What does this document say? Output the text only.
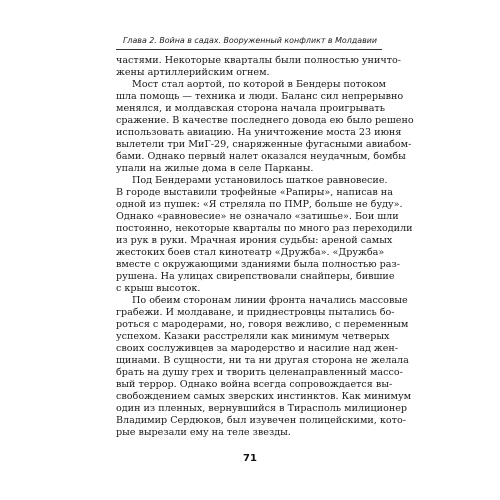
Глава 2. Война в садах. Вооруженный конфликт в Молдавии
частями. Некоторые кварталы были полностью уничто-
жены артиллерийским огнем.
Мост стал аортой, по которой в Бендеры потоком
шла помощь — техника и люди. Баланс сил непрерывно
менялся, и молдавская сторона начала проигрывать
сражение. В качестве последнего довода ею было решено
использовать авиацию. На уничтожение моста 23 июня
вылетели три МиГ-29, снаряженные фугасными авиабом-
бами. Однако первый налет оказался неудачным, бомбы
упали на жилые дома в селе Парканы.
Под Бендерами установилось шаткое равновесие.
В городе выставили трофейные «Рапиры», написав на
одной из пушек: «Я стреляла по ПМР, больше не буду».
Однако «равновесие» не означало «затишье». Бои шли
постоянно, некоторые кварталы по много раз переходили
из рук в руки. Мрачная ирония судьбы: ареной самых
жестоких боев стал кинотеатр «Дружба». «Дружба»
вместе с окружающими зданиями была полностью раз-
рушена. На улицах свирепствовали снайперы, бившие
с крыш высоток.
По обеим сторонам линии фронта начались массовые
грабежи. И молдаване, и приднестровцы пытались бо-
роться с мародерами, но, говоря вежливо, с переменным
успехом. Казаки расстреляли как минимум четверых
своих сослуживцев за мародерство и насилие над жен-
щинами. В сущности, ни та ни другая сторона не желала
брать на душу грех и творить целенаправленный массо-
вый террор. Однако война всегда сопровождается вы-
свобождением самых зверских инстинктов. Как минимум
один из пленных, вернувшийся в Тирасполь милиционер
Владимир Сердюков, был изувечен полицейскими, кото-
рые вырезали ему на теле звезды.
71
